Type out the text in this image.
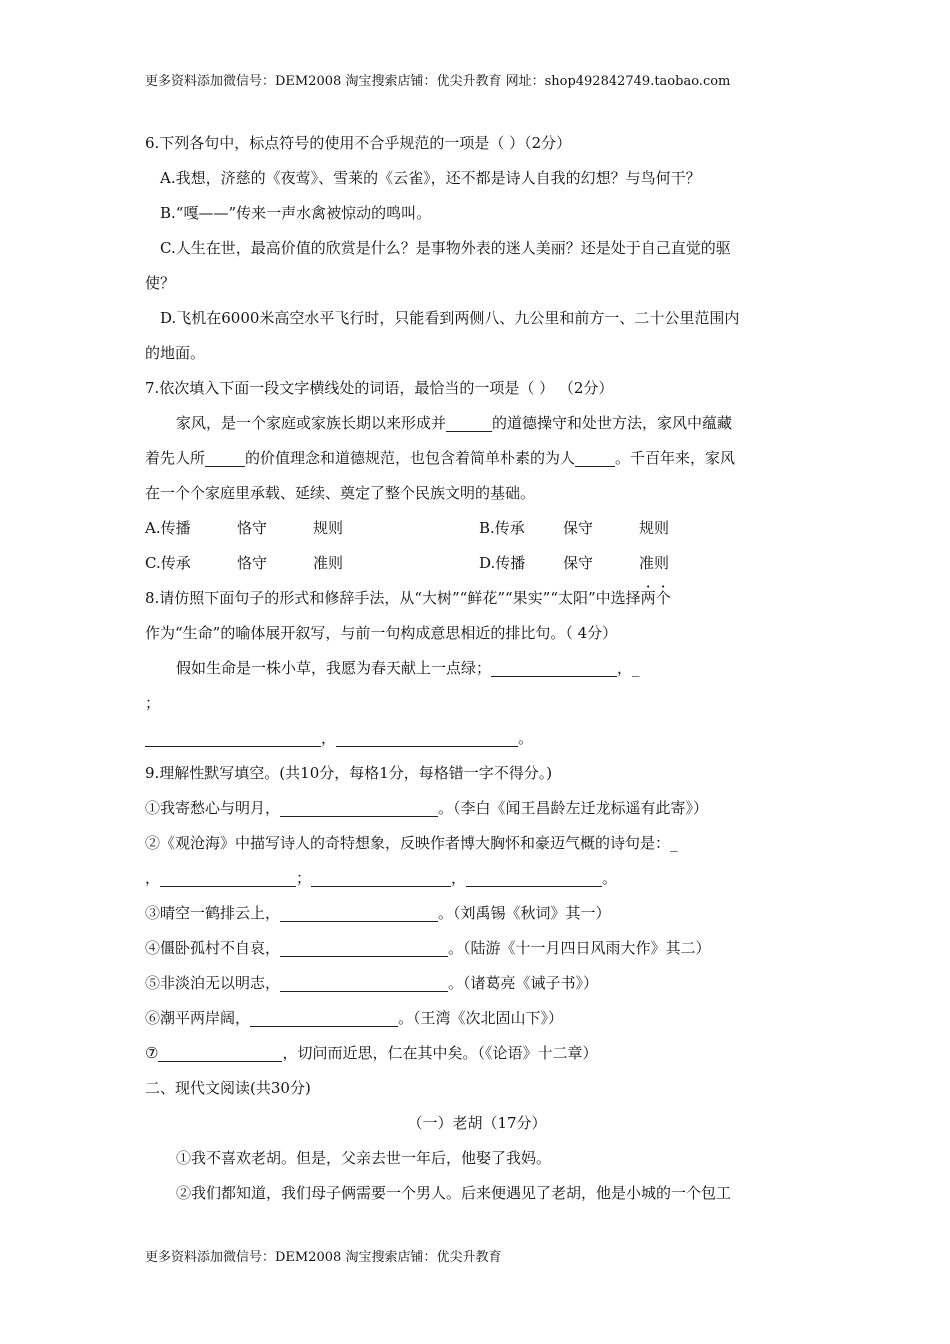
更多资料添加微信号：DEM2008 淘宝搜索店铺：优尖升教育 网址：shop492842749.taobao.com
6.下列各句中，标点符号的使用不合乎规范的一项是（ ）（2分）
A.我想，济慈的《夜莺》、雪莱的《云雀》，还不都是诗人自我的幻想？与鸟何干？
B.“嘎——”传来一声水禽被惊动的鸣叫。
C.人生在世，最高价值的欣赏是什么？是事物外表的迷人美丽？还是处于自己直觉的驱
使？
D.飞机在6000米高空水平飞行时，只能看到两侧八、九公里和前方一、二十公里范围内
的地面。
7.依次填入下面一段文字横线处的词语，最恰当的一项是（ ） （2分）
家风，是一个家庭或家族长期以来形成并	的道德操守和处世方法，家风中蕴藏
着先人所	的价值理念和道德规范，也包含着简单朴素的为人	。千百年来，家风
在一个个家庭里承载、延续、奠定了整个民族文明的基础。
A.传播	恪守	规则	B.传承	保守	规则
C.传承	恪守	准则	D.传播	保守	准则
8.请仿照下面句子的形式和修辞手法，从“大树”“鲜花”“果实”“太阳”中选择两个
作为“生命”的喻体展开叙写，与前一句构成意思相近的排比句。（ 4分）
假如生命是一株小草，我愿为春天献上一点绿；	，_
；
，	。
9.理解性默写填空。(共10分，每格1分，每格错一字不得分。)
①我寄愁心与明月，	。（李白《闻王昌龄左迁龙标遥有此寄》）
②《观沧海》中描写诗人的奇特想象，反映作者博大胸怀和豪迈气概的诗句是：_
，	；	，	。
③晴空一鹤排云上，	。（刘禹锡《秋词》其一）
④僵卧孤村不自哀，	。（陆游《十一月四日风雨大作》其二）
⑤非淡泊无以明志，	。（诸葛亮《诫子书》）
⑥潮平两岸阔，	。（王湾《次北固山下》）
⑦	，切问而近思，仁在其中矣。（《论语》十二章）
二、现代文阅读(共30分)
（一）老胡（17分）
①我不喜欢老胡。但是，父亲去世一年后，他娶了我妈。
②我们都知道，我们母子俩需要一个男人。后来便遇见了老胡，他是小城的一个包工
更多资料添加微信号：DEM2008 淘宝搜索店铺：优尖升教育
